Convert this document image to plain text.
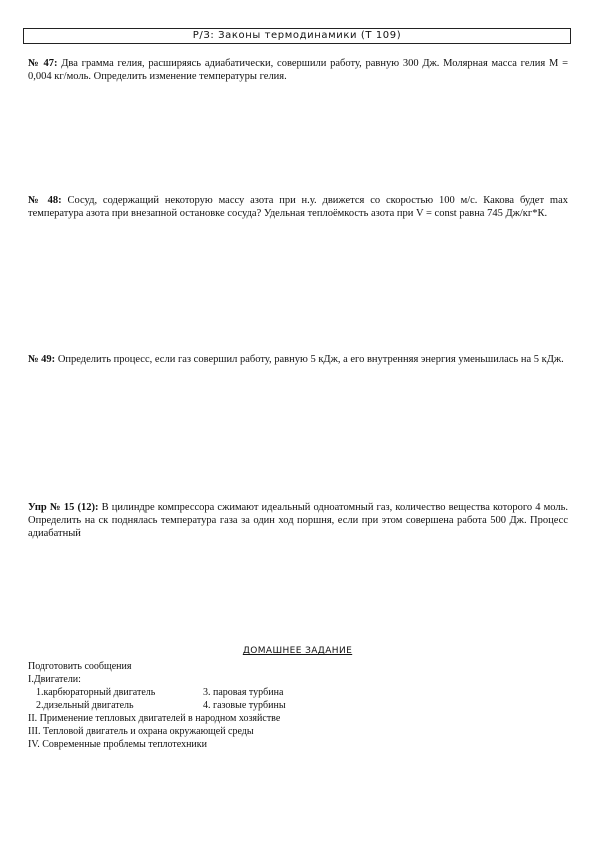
Р/З: Законы термодинамики (Т 109)
№ 47: Два грамма гелия, расширяясь адиабатически, совершили работу, равную 300 Дж. Молярная масса гелия М = 0,004 кг/моль. Определить изменение температуры гелия.
№ 48: Сосуд, содержащий некоторую массу азота при н.у. движется со скоростью 100 м/с. Какова будет max температура азота при внезапной остановке сосуда? Удельная теплоёмкость азота при V = const равна 745 Дж/кг*К.
№ 49: Определить процесс, если газ совершил работу, равную 5 кДж, а его внутренняя энергия уменьшилась на 5 кДж.
Упр № 15 (12): В цилиндре компрессора сжимают идеальный одноатомный газ, количество вещества которого 4 моль. Определить на ск поднялась температура газа за один ход поршня, если при этом совершена работа 500 Дж. Процесс адиабатный
ДОМАШНЕЕ ЗАДАНИЕ
Подготовить сообщения
I.Двигатели:
1.карбюраторный двигатель	3. паровая турбина
2.дизельный двигатель	4. газовые турбины
II. Применение тепловых двигателей в народном хозяйстве
III. Тепловой двигатель и охрана окружающей среды
IV. Современные проблемы теплотехники
